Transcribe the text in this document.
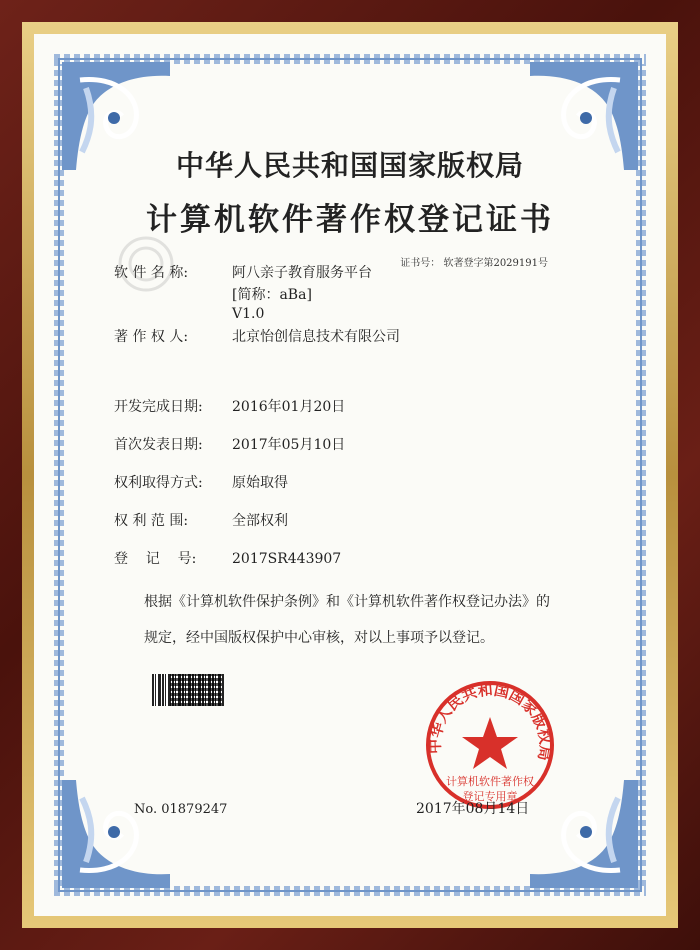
中华人民共和国国家版权局
计算机软件著作权登记证书
证书号： 软著登字第2029191号
软 件 名 称:	阿八亲子教育服务平台
[简称：aBa]
V1.0
著 作 权 人:	北京怡创信息技术有限公司
开发完成日期: 2016年01月20日
首次发表日期: 2017年05月10日
权利取得方式: 原始取得
权 利 范 围:	全部权利
登    记    号:	2017SR443907
根据《计算机软件保护条例》和《计算机软件著作权登记办法》的
规定，经中国版权保护中心审核，对以上事项予以登记。
No. 01879247
中华人民共和国国家版权局
计算机软件著作权
登记专用章
2017年08月14日
